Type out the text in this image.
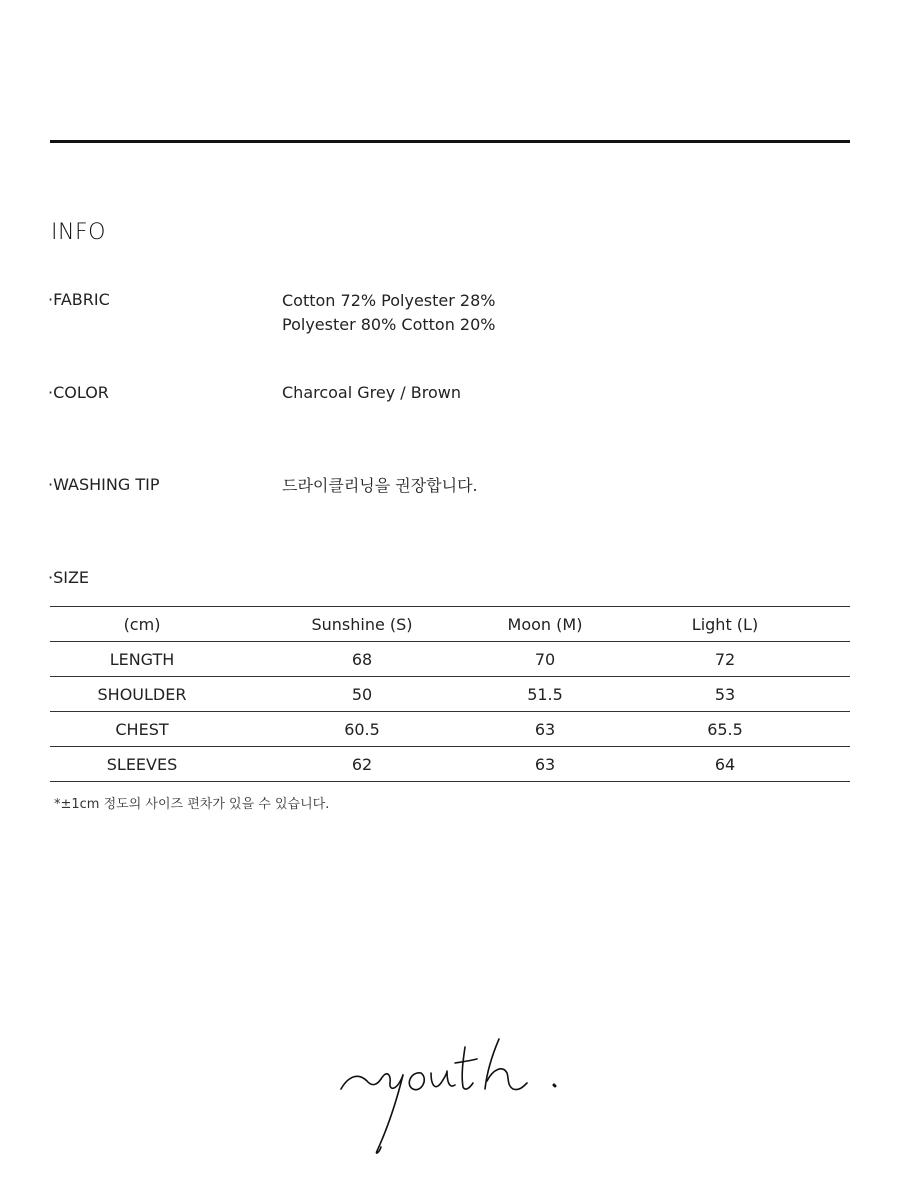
INFO
·FABRIC	Cotton 72% Polyester 28%
Polyester 80% Cotton 20%
·COLOR	Charcoal Grey / Brown
·WASHING TIP	드라이클리닝을 권장합니다.
·SIZE
(cm)	Sunshine (S)	Moon (M)	Light (L)
LENGTH	68	70	72
SHOULDER	50	51.5	53
CHEST	60.5	63	65.5
SLEEVES	62	63	64
*±1cm 정도의 사이즈 편차가 있을 수 있습니다.
